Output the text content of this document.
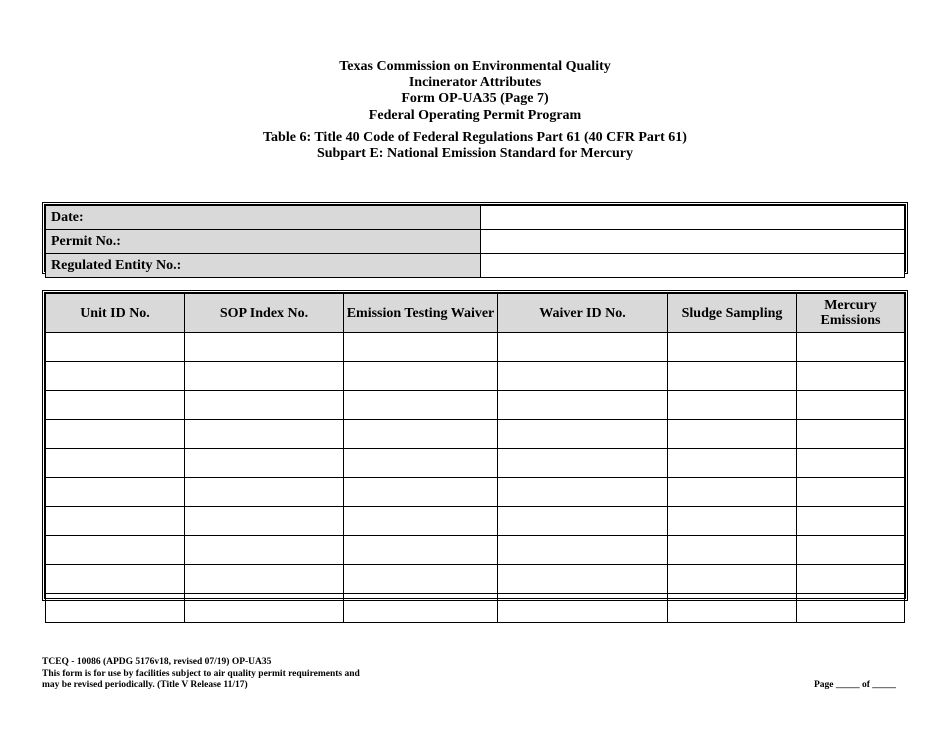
Texas Commission on Environmental Quality
Incinerator Attributes
Form OP-UA35 (Page 7)
Federal Operating Permit Program
Table 6: Title 40 Code of Federal Regulations Part 61 (40 CFR Part 61)
Subpart E: National Emission Standard for Mercury
Date:	
Permit No.:	
Regulated Entity No.:	
Unit ID No.	SOP Index No.	Emission Testing Waiver	Waiver ID No.	Sludge Sampling	Mercury
Emissions

TCEQ - 10086 (APDG 5176v18, revised 07/19) OP-UA35
This form is for use by facilities subject to air quality permit requirements and
may be revised periodically. (Title V Release 11/17)	Page _____ of _____
